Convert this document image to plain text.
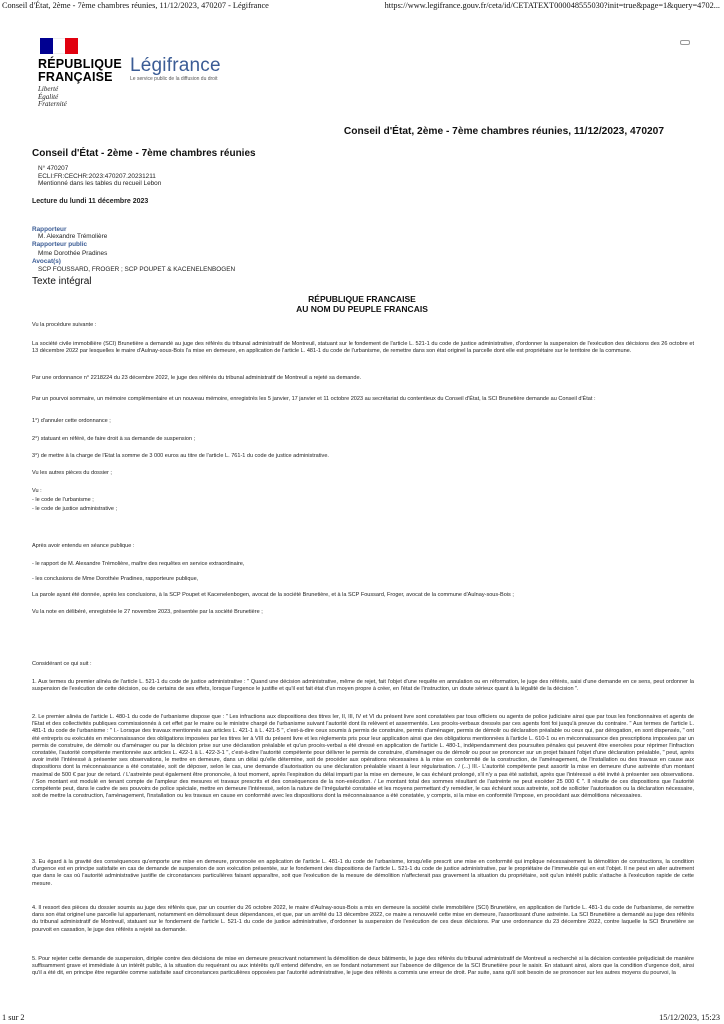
Conseil d'État, 2ème - 7ème chambres réunies, 11/12/2023, 470207 - Légifrance	https://www.legifrance.gouv.fr/ceta/id/CETATEXT000048555030?init=true&page=1&query=4702...
RÉPUBLIQUE
FRANÇAISE
Liberté
Égalité
Fraternité
Légifrance
Le service public de la diffusion du droit
Conseil d'État, 2ème - 7ème chambres réunies, 11/12/2023, 470207
Conseil d'État - 2ème - 7ème chambres réunies
N° 470207
ECLI:FR:CECHR:2023:470207.20231211
Mentionné dans les tables du recueil Lebon
Lecture du lundi 11 décembre 2023
Rapporteur
M. Alexandre Trémolière
Rapporteur public
Mme Dorothée Pradines
Avocat(s)
SCP FOUSSARD, FROGER ; SCP POUPET & KACENELENBOGEN
Texte intégral
RÉPUBLIQUE FRANCAISE
AU NOM DU PEUPLE FRANCAIS
Vu la procédure suivante :
La société civile immobilière (SCI) Brunetière a demandé au juge des référés du tribunal administratif de Montreuil, statuant sur le fondement de l'article L. 521-1 du code de justice administrative, d'ordonner la suspension de l'exécution des décisions des 26 octobre et 13 décembre 2022 par lesquelles le maire d'Aulnay-sous-Bois l'a mise en demeure, en application de l'article L. 481-1 du code de l'urbanisme, de remettre dans son état originel la parcelle dont elle est propriétaire sur le territoire de la commune.
Par une ordonnance n° 2218224 du 23 décembre 2022, le juge des référés du tribunal administratif de Montreuil a rejeté sa demande.
Par un pourvoi sommaire, un mémoire complémentaire et un nouveau mémoire, enregistrés les 5 janvier, 17 janvier et 11 octobre 2023 au secrétariat du contentieux du Conseil d'État, la SCI Brunetière demande au Conseil d'État :
1°) d'annuler cette ordonnance ;
2°) statuant en référé, de faire droit à sa demande de suspension ;
3°) de mettre à la charge de l'Etat la somme de 3 000 euros au titre de l'article L. 761-1 du code de justice administrative.
Vu les autres pièces du dossier ;
Vu :
- le code de l'urbanisme ;
- le code de justice administrative ;
Après avoir entendu en séance publique :
- le rapport de M. Alexandre Trémolière, maître des requêtes en service extraordinaire,
- les conclusions de Mme Dorothée Pradines, rapporteure publique,
La parole ayant été donnée, après les conclusions, à la SCP Poupet et Kacenelenbogen, avocat de la société Brunetière, et à la SCP Foussard, Froger, avocat de la commune d'Aulnay-sous-Bois ;
Vu la note en délibéré, enregistrée le 27 novembre 2023, présentée par la société Brunetière ;
Considérant ce qui suit :
1. Aux termes du premier alinéa de l'article L. 521-1 du code de justice administrative : " Quand une décision administrative, même de rejet, fait l'objet d'une requête en annulation ou en réformation, le juge des référés, saisi d'une demande en ce sens, peut ordonner la suspension de l'exécution de cette décision, ou de certains de ses effets, lorsque l'urgence le justifie et qu'il est fait état d'un moyen propre à créer, en l'état de l'instruction, un doute sérieux quant à la légalité de la décision ".
2. Le premier alinéa de l'article L. 480-1 du code de l'urbanisme dispose que : " Les infractions aux dispositions des titres Ier, II, III, IV et VI du présent livre sont constatées par tous officiers ou agents de police judiciaire ainsi que par tous les fonctionnaires et agents de l'Etat et des collectivités publiques commissionnés à cet effet par le maire ou le ministre chargé de l'urbanisme suivant l'autorité dont ils relèvent et assermentés. Les procès-verbaux dressés par ces agents font foi jusqu'à preuve du contraire. " Aux termes de l'article L. 481-1 du code de l'urbanisme : " I.- Lorsque des travaux mentionnés aux articles L. 421-1 à L. 421-5 ", c'est-à-dire ceux soumis à permis de construire, permis d'aménager, permis de démolir ou déclaration préalable ou ceux qui, par dérogation, en sont dispensés, " ont été entrepris ou exécutés en méconnaissance des obligations imposées par les titres Ier à VIII du présent livre et les règlements pris pour leur application ainsi que des obligations mentionnées à l'article L. 610-1 ou en méconnaissance des prescriptions imposées par un permis de construire, de démolir ou d'aménager ou par la décision prise sur une déclaration préalable et qu'un procès-verbal a été dressé en application de l'article L. 480-1, indépendamment des poursuites pénales qui peuvent être exercées pour réprimer l'infraction constatée, l'autorité compétente mentionnée aux articles L. 422-1 à L. 422-3-1 ", c'est-à-dire l'autorité compétente pour délivrer le permis de construire, d'aménager ou de démolir ou pour se prononcer sur un projet faisant l'objet d'une déclaration préalable, " peut, après avoir invité l'intéressé à présenter ses observations, le mettre en demeure, dans un délai qu'elle détermine, soit de procéder aux opérations nécessaires à la mise en conformité de la construction, de l'aménagement, de l'installation ou des travaux en cause aux dispositions dont la méconnaissance a été constatée, soit de déposer, selon le cas, une demande d'autorisation ou une déclaration préalable visant à leur régularisation. / (...) III.- L'autorité compétente peut assortir la mise en demeure d'une astreinte d'un montant maximal de 500 € par jour de retard. / L'astreinte peut également être prononcée, à tout moment, après l'expiration du délai imparti par la mise en demeure, le cas échéant prolongé, s'il n'y a pas été satisfait, après que l'intéressé a été invité à présenter ses observations. / Son montant est modulé en tenant compte de l'ampleur des mesures et travaux prescrits et des conséquences de la non-exécution. / Le montant total des sommes résultant de l'astreinte ne peut excéder 25 000 € ". Il résulte de ces dispositions que l'autorité compétente peut, dans le cadre de ses pouvoirs de police spéciale, mettre en demeure l'intéressé, selon la nature de l'irrégularité constatée et les moyens permettant d'y remédier, le cas échéant sous astreinte, soit de solliciter l'autorisation ou la déclaration nécessaire, soit de mettre la construction, l'aménagement, l'installation ou les travaux en cause en conformité avec les dispositions dont la méconnaissance a été constatée, y compris, si la mise en conformité l'impose, en procédant aux démolitions nécessaires.
3. Eu égard à la gravité des conséquences qu'emporte une mise en demeure, prononcée en application de l'article L. 481-1 du code de l'urbanisme, lorsqu'elle prescrit une mise en conformité qui implique nécessairement la démolition de constructions, la condition d'urgence est en principe satisfaite en cas de demande de suspension de son exécution présentée, sur le fondement des dispositions de l'article L. 521-1 du code de justice administrative, par le propriétaire de l'immeuble qui en est l'objet. Il ne peut en aller autrement que dans le cas où l'autorité administrative justifie de circonstances particulières faisant apparaître, soit que l'exécution de la mesure de démolition n'affecterait pas gravement la situation du propriétaire, soit qu'un intérêt public s'attache à l'exécution rapide de cette mesure.
4. Il ressort des pièces du dossier soumis au juge des référés que, par un courrier du 26 octobre 2022, le maire d'Aulnay-sous-Bois a mis en demeure la société civile immobilière (SCI) Brunetière, en application de l'article L. 481-1 du code de l'urbanisme, de remettre dans son état originel une parcelle lui appartenant, notamment en démolissant deux dépendances, et que, par un arrêté du 13 décembre 2022, ce maire a renouvelé cette mise en demeure, l'assortissant d'une astreinte. La SCI Brunetière a demandé au juge des référés du tribunal administratif de Montreuil, statuant sur le fondement de l'article L. 521-1 du code de justice administrative, d'ordonner la suspension de l'exécution de ces deux décisions. Par une ordonnance du 23 décembre 2022, contre laquelle la SCI Brunetière se pourvoit en cassation, le juge des référés a rejeté sa demande.
5. Pour rejeter cette demande de suspension, dirigée contre des décisions de mise en demeure prescrivant notamment la démolition de deux bâtiments, le juge des référés du tribunal administratif de Montreuil a recherché si la décision contestée préjudiciait de manière suffisamment grave et immédiate à un intérêt public, à la situation du requérant ou aux intérêts qu'il entend défendre, en se fondant notamment sur l'absence de diligence de la SCI Brunetière pour le saisir. En statuant ainsi, alors que la condition d'urgence doit, ainsi qu'il a été dit, en principe être regardée comme satisfaite sauf circonstances particulières opposées par l'autorité administrative, le juge des référés a commis une erreur de droit. Par suite, sans qu'il soit besoin de se prononcer sur les autres moyens du pourvoi, la
1 sur 2	15/12/2023, 15:23
